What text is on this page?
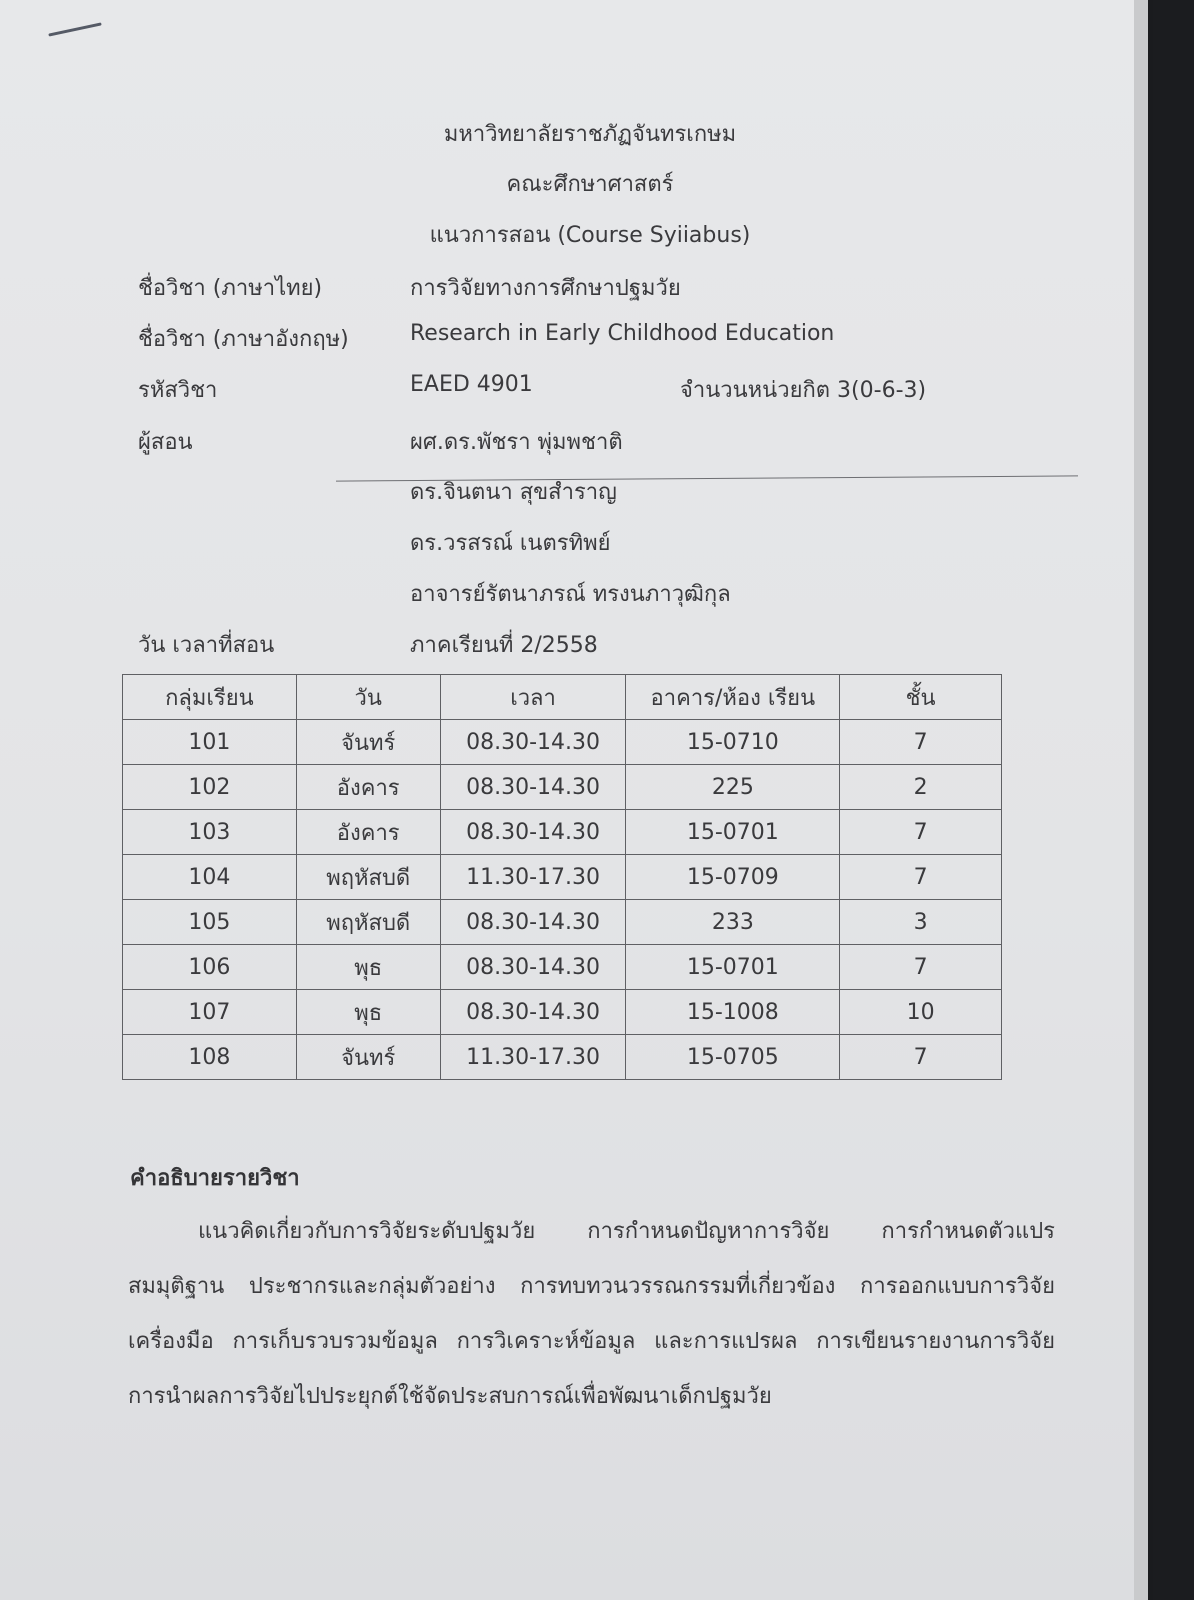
มหาวิทยาลัยราชภัฏจันทรเกษม
คณะศึกษาศาสตร์
แนวการสอน (Course Syiiabus)
ชื่อวิชา (ภาษาไทย)	การวิจัยทางการศึกษาปฐมวัย
ชื่อวิชา (ภาษาอังกฤษ)	Research in Early Childhood Education
รหัสวิชา	EAED 4901	จำนวนหน่วยกิต 3(0-6-3)
ผู้สอน	ผศ.ดร.พัชรา พุ่มพชาติ
ดร.จินตนา สุขสำราญ
ดร.วรสรณ์ เนตรทิพย์
อาจารย์รัตนาภรณ์ ทรงนภาวุฒิกุล
วัน เวลาที่สอน	ภาคเรียนที่ 2/2558
กลุ่มเรียน	วัน	เวลา	อาคาร/ห้อง เรียน	ชั้น
101	จันทร์	08.30-14.30	15-0710	7
102	อังคาร	08.30-14.30	225	2
103	อังคาร	08.30-14.30	15-0701	7
104	พฤหัสบดี	11.30-17.30	15-0709	7
105	พฤหัสบดี	08.30-14.30	233	3
106	พุธ	08.30-14.30	15-0701	7
107	พุธ	08.30-14.30	15-1008	10
108	จันทร์	11.30-17.30	15-0705	7
คำอธิบายรายวิชา
แนวคิดเกี่ยวกับการวิจัยระดับปฐมวัย การกำหนดปัญหาการวิจัย การกำหนดตัวแปร สมมุติฐาน ประชากรและกลุ่มตัวอย่าง การทบทวนวรรณกรรมที่เกี่ยวข้อง การออกแบบการวิจัย เครื่องมือ การเก็บรวบรวมข้อมูล การวิเคราะห์ข้อมูล และการแปรผล การเขียนรายงานการวิจัย การนำผลการวิจัยไปประยุกต์ใช้จัดประสบการณ์เพื่อพัฒนาเด็กปฐมวัย
